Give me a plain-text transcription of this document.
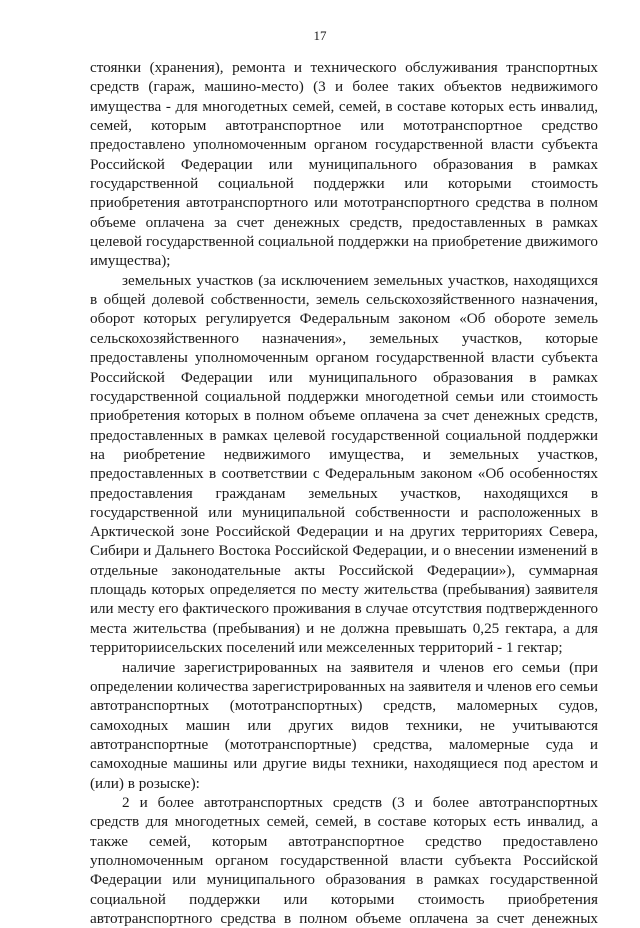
17
стоянки (хранения), ремонта и технического обслуживания транспортных
средств (гараж, машино-место) (3 и более таких объектов недвижимого
имущества - для многодетных семей, семей, в составе которых есть инвалид,
семей, которым автотранспортное или мототранспортное средство
предоставлено уполномоченным органом государственной власти субъекта
Российской Федерации или муниципального образования в рамках
государственной социальной поддержки или которыми стоимость
приобретения автотранспортного или мототранспортного средства в полном
объеме оплачена за счет денежных средств, предоставленных в рамках
целевой государственной социальной поддержки на приобретение движимого
имущества);
земельных участков (за исключением земельных участков, находящихся
в общей долевой собственности, земель сельскохозяйственного назначения,
оборот которых регулируется Федеральным законом «Об обороте земель
сельскохозяйственного назначения», земельных участков, которые
предоставлены уполномоченным органом государственной власти субъекта
Российской Федерации или муниципального образования в рамках
государственной социальной поддержки многодетной семьи или стоимость
приобретения которых в полном объеме оплачена за счет денежных средств,
предоставленных в рамках целевой государственной социальной поддержки
на риобретение недвижимого имущества, и земельных участков,
предоставленных в соответствии с Федеральным законом «Об особенностях
предоставления гражданам земельных участков, находящихся в
государственной или муниципальной собственности и расположенных в
Арктической зоне Российской Федерации и на других территориях Севера,
Сибири и Дальнего Востока Российской Федерации, и о внесении изменений в
отдельные законодательные акты Российской Федерации»), суммарная
площадь которых определяется по месту жительства (пребывания) заявителя
или месту его фактического проживания в случае отсутствия подтвержденного
места жительства (пребывания) и не должна превышать 0,25 гектара, а для
территориисельских поселений или межселенных территорий - 1 гектар;
наличие зарегистрированных на заявителя и членов его семьи (при
определении количества зарегистрированных на заявителя и членов его семьи
автотранспортных (мототранспортных) средств, маломерных судов,
самоходных машин или других видов техники, не учитываются
автотранспортные (мототранспортные) средства, маломерные суда и
самоходные машины или другие виды техники, находящиеся под арестом и
(или) в розыске):
2 и более автотранспортных средств (3 и более автотранспортных
средств для многодетных семей, семей, в составе которых есть инвалид, а
также семей, которым автотранспортное средство предоставлено
уполномоченным органом государственной власти субъекта Российской
Федерации или муниципального образования в рамках государственной
социальной поддержки или которыми стоимость приобретения
автотранспортного средства в полном объеме оплачена за счет денежных
